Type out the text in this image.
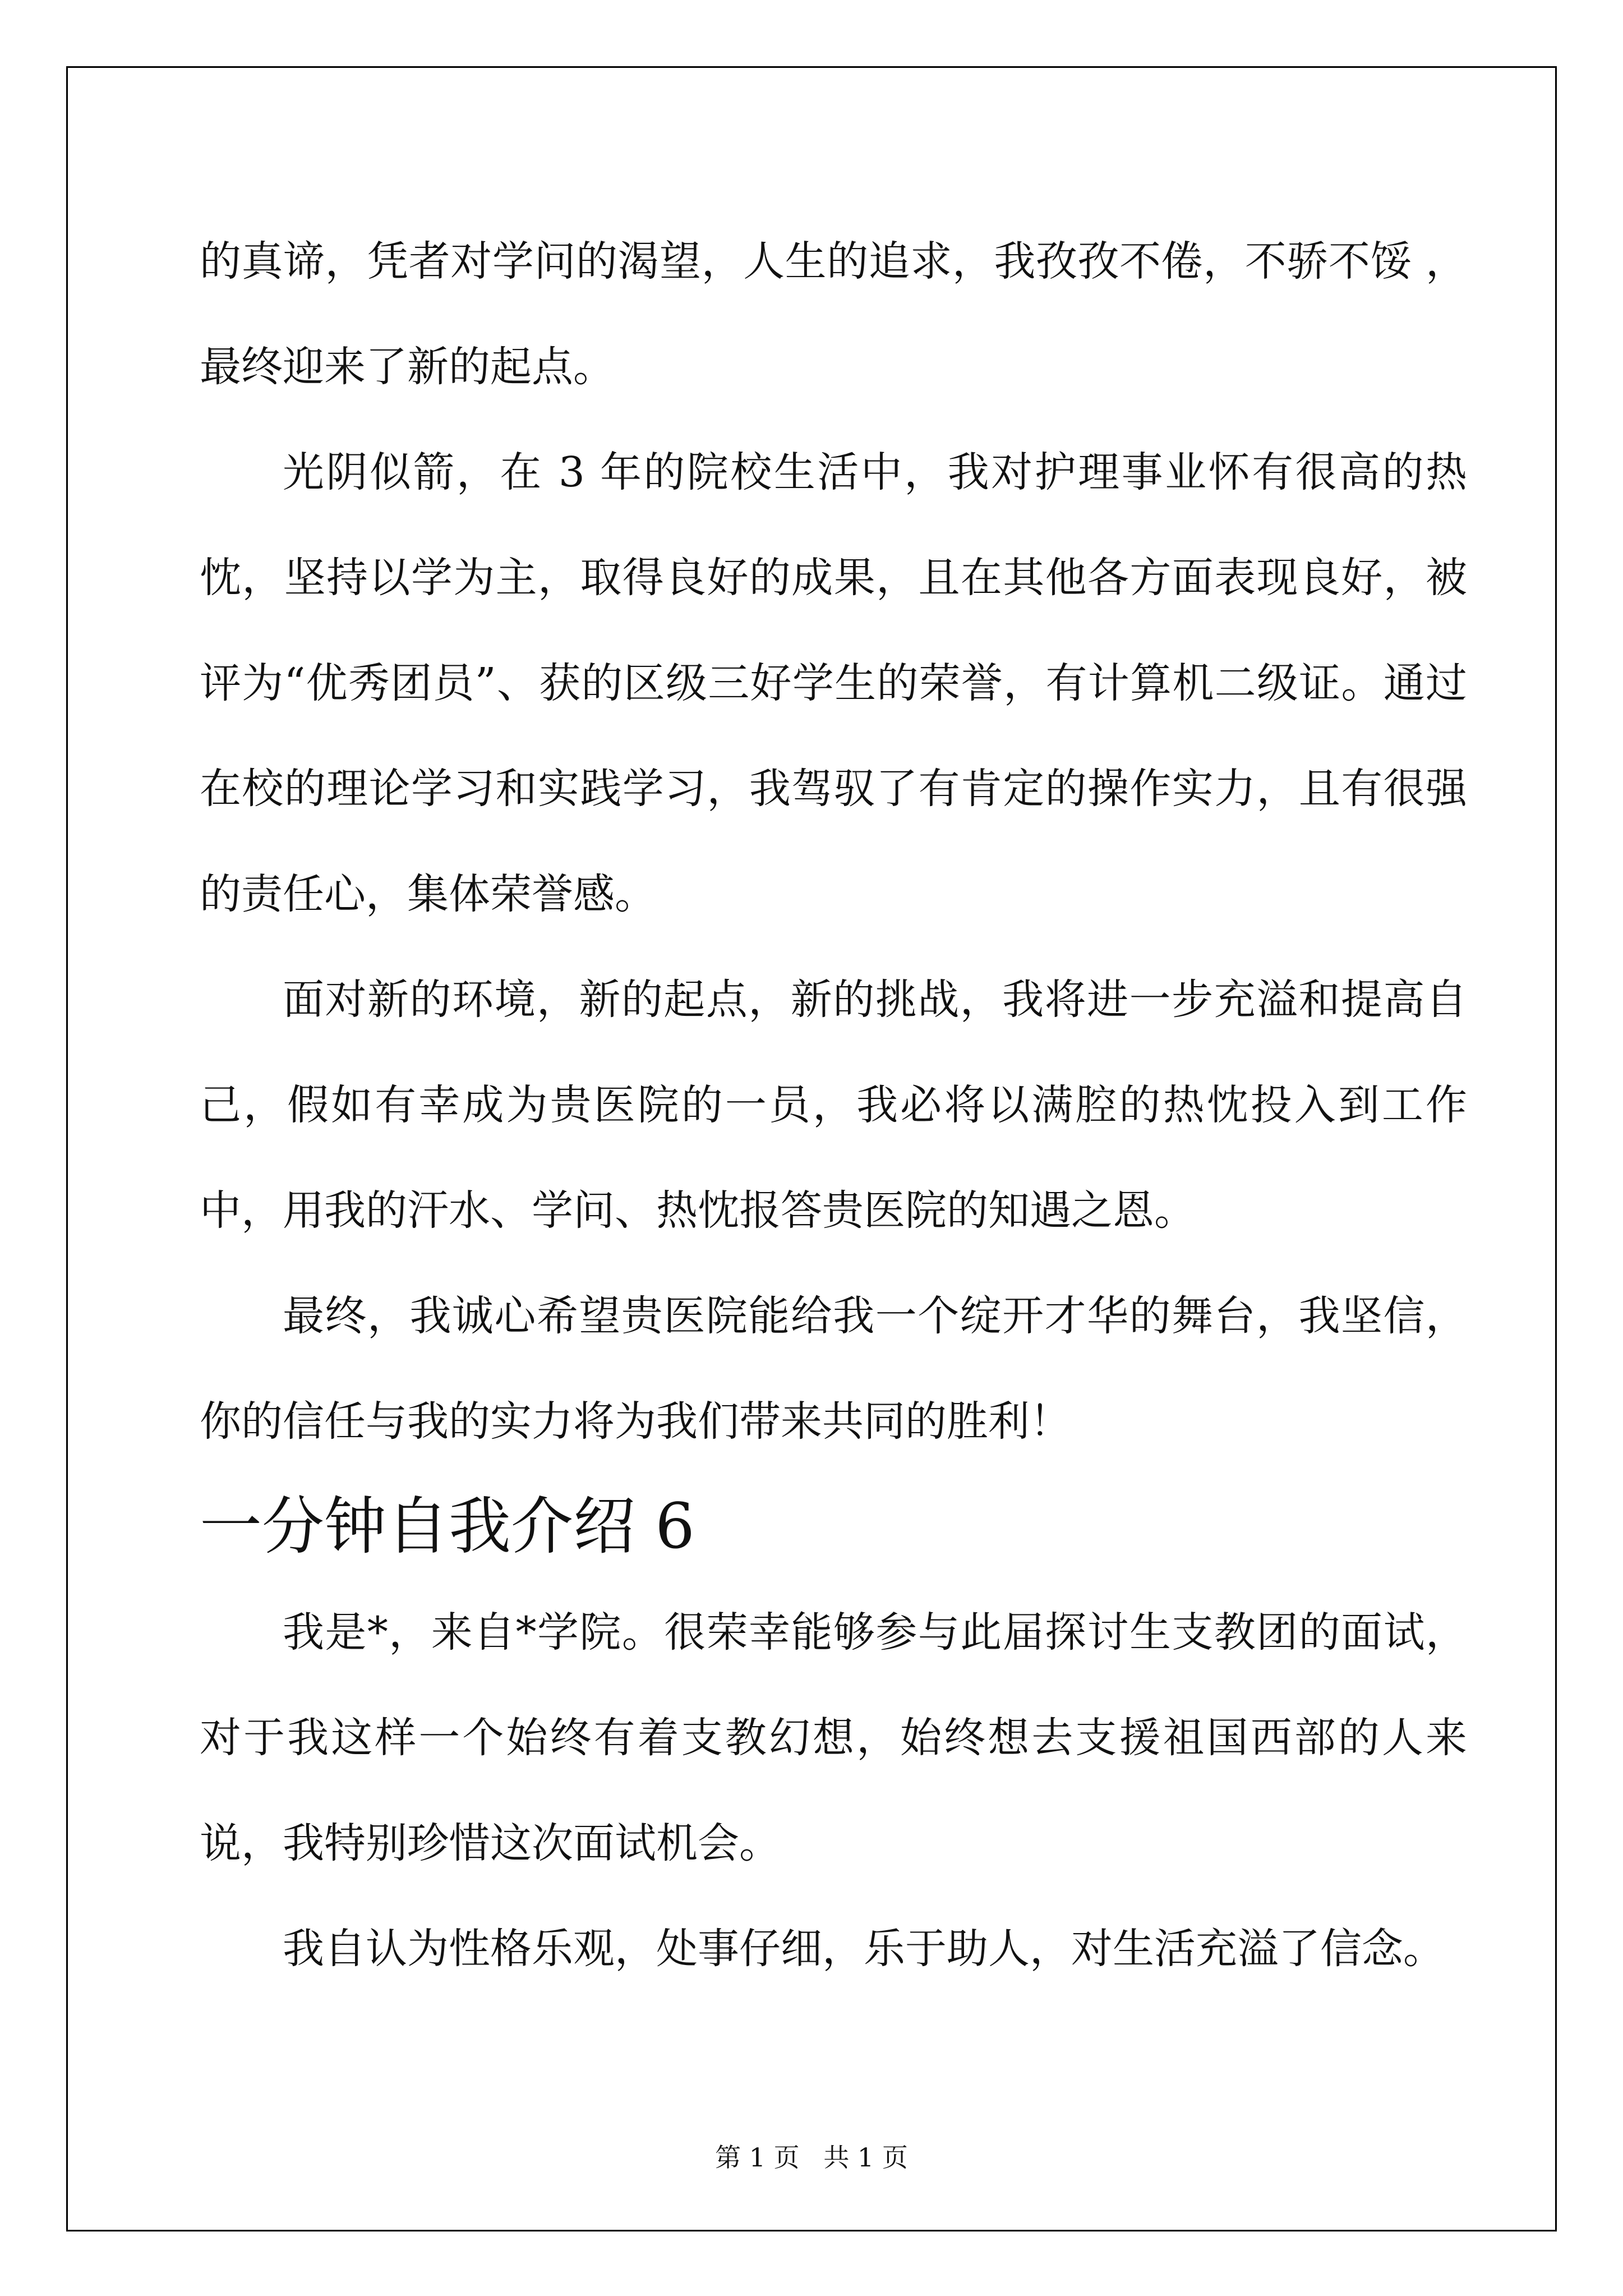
的真谛，凭者对学问的渴望，人生的追求，我孜孜不倦，不骄不馁 ，最终迎来了新的起点。

光阴似箭，在 3 年的院校生活中，我对护理事业怀有很高的热忱，坚持以学为主，取得良好的成果，且在其他各方面表现良好，被评为“优秀团员”、获的区级三好学生的荣誉，有计算机二级证。通过在校的理论学习和实践学习，我驾驭了有肯定的操作实力，且有很强的责任心，集体荣誉感。

面对新的环境，新的起点，新的挑战，我将进一步充溢和提高自己，假如有幸成为贵医院的一员，我必将以满腔的热忱投入到工作中，用我的汗水、学问、热忱报答贵医院的知遇之恩。

最终，我诚心希望贵医院能给我一个绽开才华的舞台，我坚信，你的信任与我的实力将为我们带来共同的胜利！

一分钟自我介绍 6

我是*，来自*学院。很荣幸能够参与此届探讨生支教团的面试，对于我这样一个始终有着支教幻想，始终想去支援祖国西部的人来说，我特别珍惜这次面试机会。

我自认为性格乐观，处事仔细，乐于助人，对生活充溢了信念。

第 1 页 共 1 页
